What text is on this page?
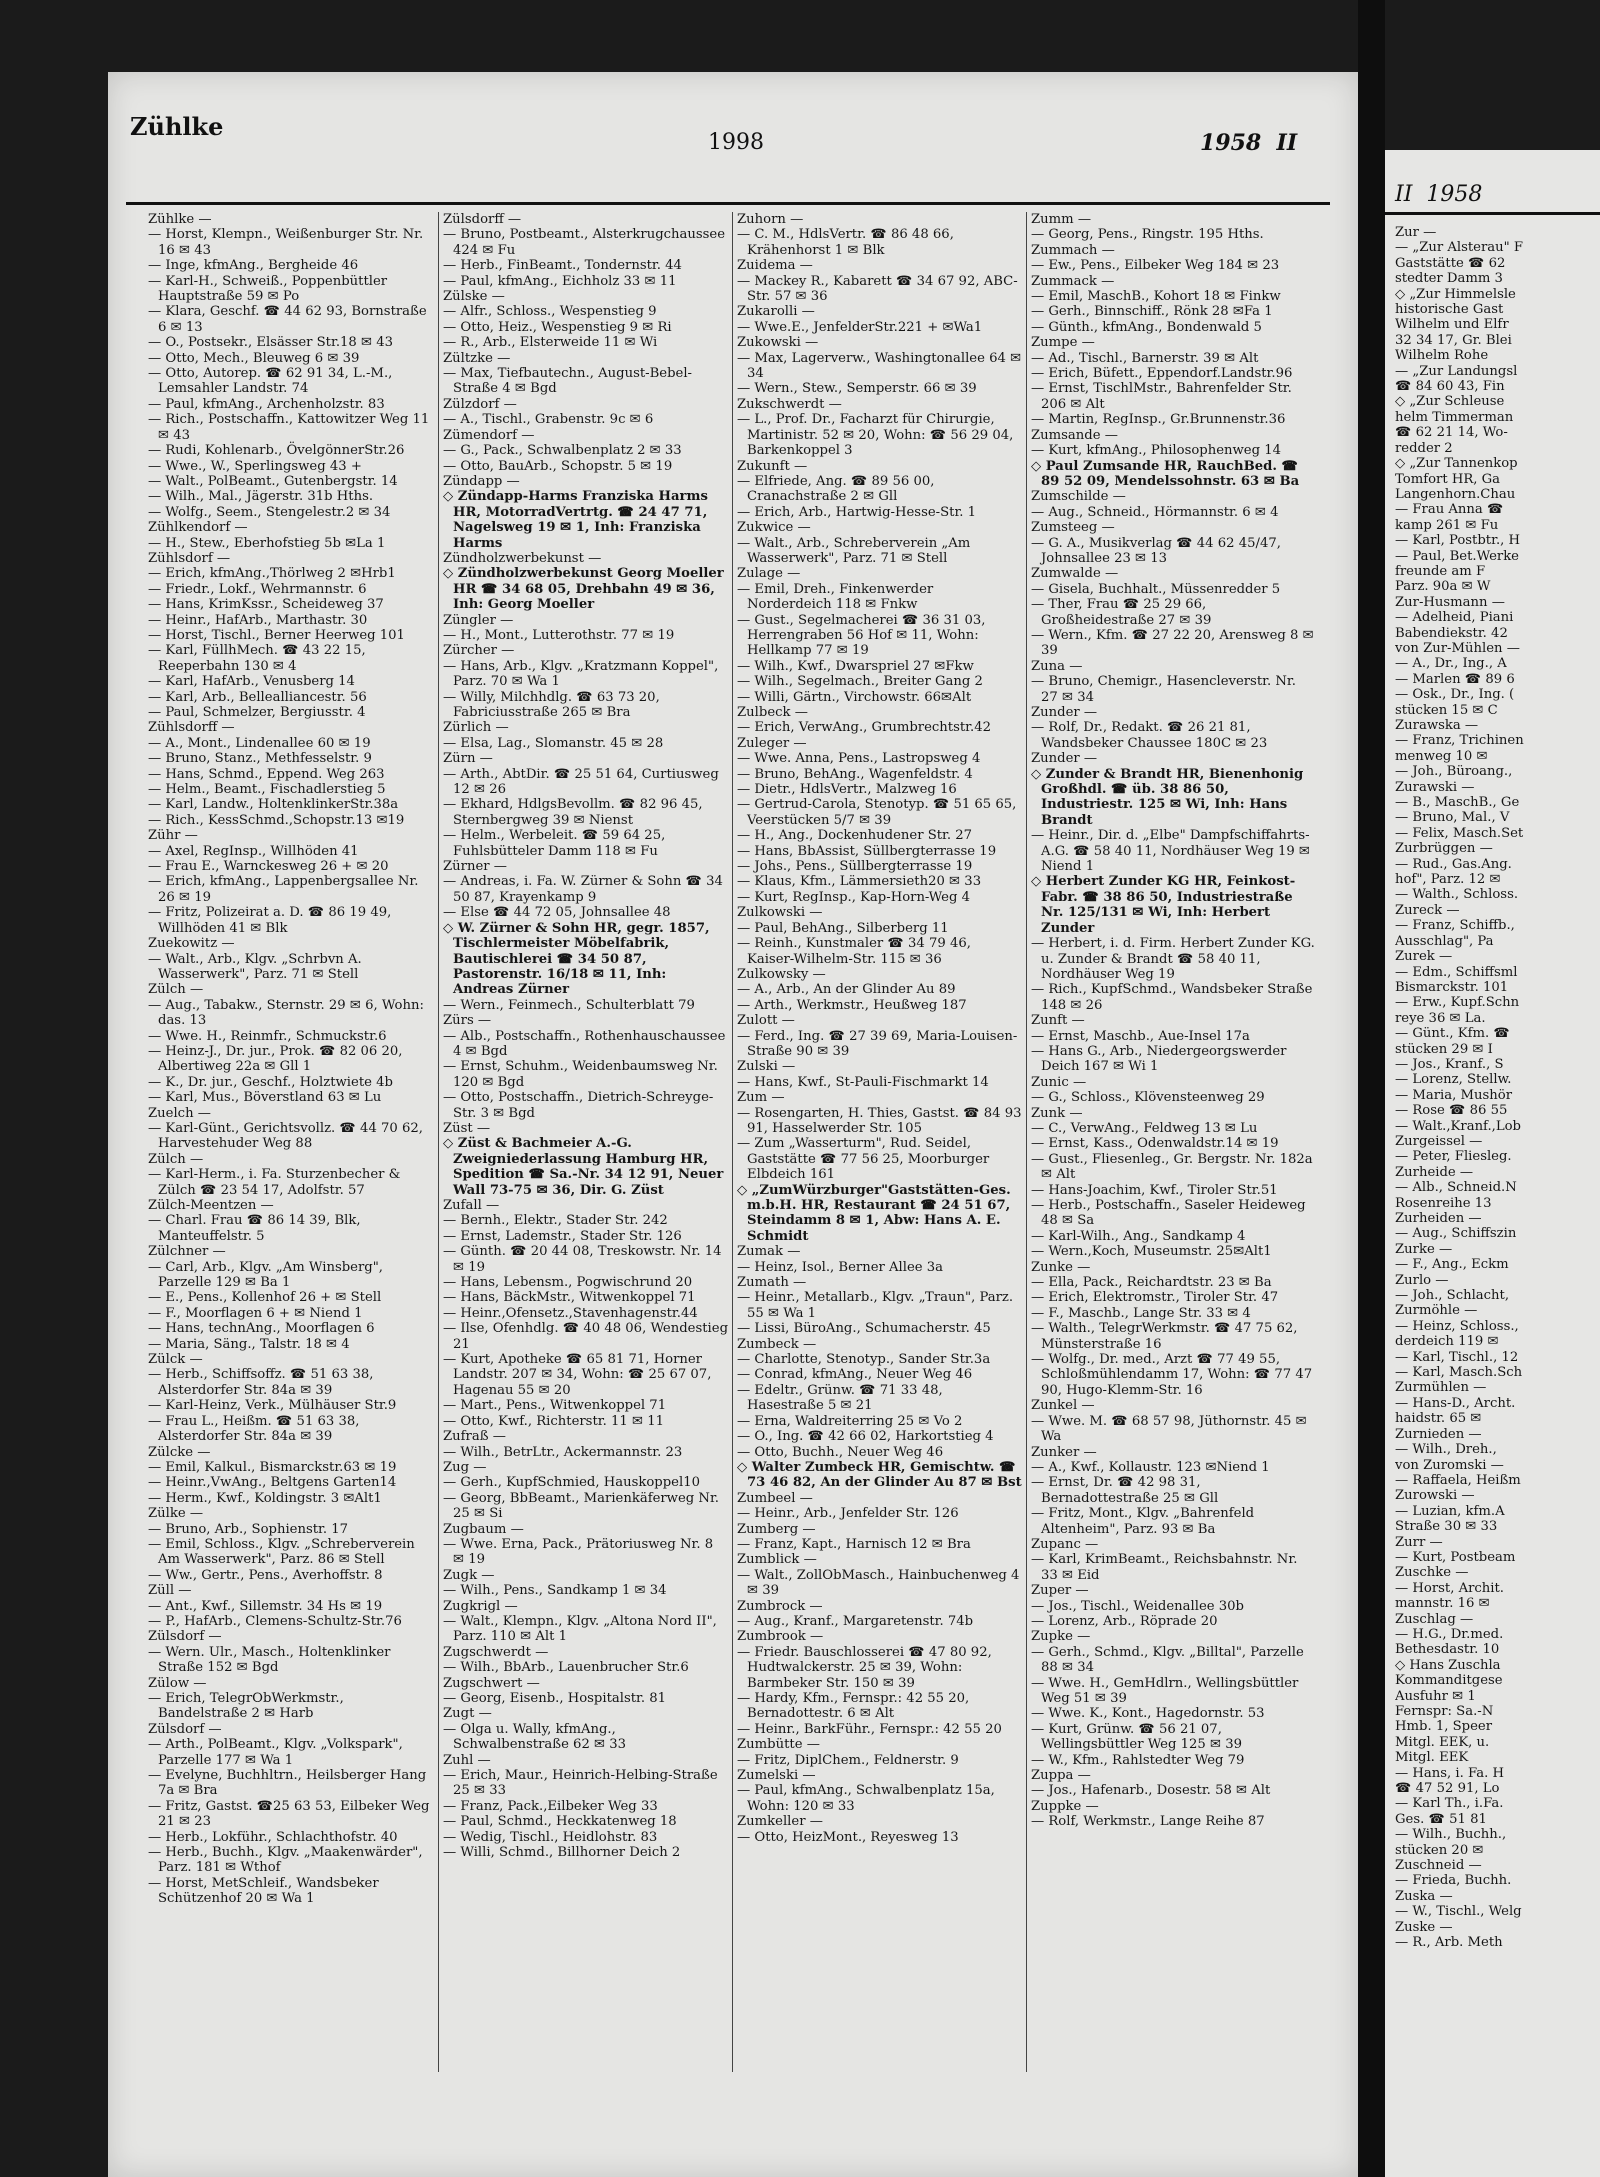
Zühlke
1998	1958  II

Zühlke —

— Horst, Klempn., Weißenburger Str. Nr. 16 ✉ 43

— Inge, kfmAng., Bergheide 46

— Karl-H., Schweiß., Poppenbüttler Hauptstraße 59 ✉ Po

— Klara, Geschf. ☎ 44 62 93, Bornstraße 6 ✉ 13

— O., Postsekr., Elsässer Str.18 ✉ 43

— Otto, Mech., Bleuweg 6 ✉ 39

— Otto, Autorep. ☎ 62 91 34, L.-M., Lemsahler Landstr. 74

— Paul, kfmAng., Archenholzstr. 83

— Rich., Postschaffn., Kattowitzer Weg 11 ✉ 43

— Rudi, Kohlenarb., ÖvelgönnerStr.26

— Wwe., W., Sperlingsweg 43 +

— Walt., PolBeamt., Gutenbergstr. 14

— Wilh., Mal., Jägerstr. 31b Hths.

— Wolfg., Seem., Stengelestr.2 ✉ 34

Zühlkendorf —

— H., Stew., Eberhofstieg 5b ✉La 1

Zühlsdorf —

— Erich, kfmAng.,Thörlweg 2 ✉Hrb1

— Friedr., Lokf., Wehrmannstr. 6

— Hans, KrimKssr., Scheideweg 37

— Heinr., HafArb., Marthastr. 30

— Horst, Tischl., Berner Heerweg 101

— Karl, FüllhMech. ☎ 43 22 15, Reeperbahn 130 ✉ 4

— Karl, HafArb., Venusberg 14

— Karl, Arb., Bellealliancestr. 56

— Paul, Schmelzer, Bergiusstr. 4

Zühlsdorff —

— A., Mont., Lindenallee 60 ✉ 19

— Bruno, Stanz., Methfesselstr. 9

— Hans, Schmd., Eppend. Weg 263

— Helm., Beamt., Fischadlerstieg 5

— Karl, Landw., HoltenklinkerStr.38a

— Rich., KessSchmd.,Schopstr.13 ✉19

Zühr —

— Axel, RegInsp., Willhöden 41

— Frau E., Warnckesweg 26 + ✉ 20

— Erich, kfmAng., Lappenbergsallee Nr. 26 ✉ 19

— Fritz, Polizeirat a. D. ☎ 86 19 49, Willhöden 41 ✉ Blk

Zuekowitz —

— Walt., Arb., Klgv. „Schrbvn A. Wasserwerk", Parz. 71 ✉ Stell

Zülch —

— Aug., Tabakw., Sternstr. 29 ✉ 6, Wohn: das. 13

— Wwe. H., Reinmfr., Schmuckstr.6

— Heinz-J., Dr. jur., Prok. ☎ 82 06 20, Albertiweg 22a ✉ Gll 1

— K., Dr. jur., Geschf., Holztwiete 4b

— Karl, Mus., Böverstland 63 ✉ Lu

Zuelch —

— Karl-Günt., Gerichtsvollz. ☎ 44 70 62, Harvestehuder Weg 88

Zülch —

— Karl-Herm., i. Fa. Sturzenbecher & Zülch ☎ 23 54 17, Adolfstr. 57

Zülch-Meentzen —

— Charl. Frau ☎ 86 14 39, Blk, Manteuffelstr. 5

Zülchner —

— Carl, Arb., Klgv. „Am Winsberg", Parzelle 129 ✉ Ba 1

— E., Pens., Kollenhof 26 + ✉ Stell

— F., Moorflagen 6 + ✉ Niend 1

— Hans, technAng., Moorflagen 6

— Maria, Säng., Talstr. 18 ✉ 4

Zülck —

— Herb., Schiffsoffz. ☎ 51 63 38, Alsterdorfer Str. 84a ✉ 39

— Karl-Heinz, Verk., Mülhäuser Str.9

— Frau L., Heißm. ☎ 51 63 38, Alsterdorfer Str. 84a ✉ 39

Zülcke —

— Emil, Kalkul., Bismarckstr.63 ✉ 19

— Heinr.,VwAng., Beltgens Garten14

— Herm., Kwf., Koldingstr. 3 ✉Alt1

Zülke —

— Bruno, Arb., Sophienstr. 17

— Emil, Schloss., Klgv. „Schreberverein Am Wasserwerk", Parz. 86 ✉ Stell

— Ww., Gertr., Pens., Averhoffstr. 8

Züll —

— Ant., Kwf., Sillemstr. 34 Hs ✉ 19

— P., HafArb., Clemens-Schultz-Str.76

Zülsdorf —

— Wern. Ulr., Masch., Holtenklinker Straße 152 ✉ Bgd

Zülow —

— Erich, TelegrObWerkmstr., Bandelstraße 2 ✉ Harb

Zülsdorf —

— Arth., PolBeamt., Klgv. „Volkspark", Parzelle 177 ✉ Wa 1

— Evelyne, Buchhltrn., Heilsberger Hang 7a ✉ Bra

— Fritz, Gastst. ☎25 63 53, Eilbeker Weg 21 ✉ 23

— Herb., Lokführ., Schlachthofstr. 40

— Herb., Buchh., Klgv. „Maakenwärder", Parz. 181 ✉ Wthof

— Horst, MetSchleif., Wandsbeker Schützenhof 20 ✉ Wa 1

Zülsdorff —

— Bruno, Postbeamt., Alsterkrugchaussee 424 ✉ Fu

— Herb., FinBeamt., Tondernstr. 44

— Paul, kfmAng., Eichholz 33 ✉ 11

Zülske —

— Alfr., Schloss., Wespenstieg 9

— Otto, Heiz., Wespenstieg 9 ✉ Ri

— R., Arb., Elsterweide 11 ✉ Wi

Zültzke —

— Max, Tiefbautechn., August-Bebel-Straße 4 ✉ Bgd

Zülzdorf —

— A., Tischl., Grabenstr. 9c ✉ 6

Zümendorf —

— G., Pack., Schwalbenplatz 2 ✉ 33

— Otto, BauArb., Schopstr. 5 ✉ 19

Zündapp —

◇ Zündapp-Harms Franziska Harms HR, MotorradVertrtg. ☎ 24 47 71, Nagelsweg 19 ✉ 1, Inh: Franziska Harms

Zündholzwerbekunst —

◇ Zündholzwerbekunst Georg Moeller HR ☎ 34 68 05, Drehbahn 49 ✉ 36, Inh: Georg Moeller

Züngler —

— H., Mont., Lutterothstr. 77 ✉ 19

Zürcher —

— Hans, Arb., Klgv. „Kratzmann Koppel", Parz. 70 ✉ Wa 1

— Willy, Milchhdlg. ☎ 63 73 20, Fabriciusstraße 265 ✉ Bra

Zürlich —

— Elsa, Lag., Slomanstr. 45 ✉ 28

Zürn —

— Arth., AbtDir. ☎ 25 51 64, Curtiusweg 12 ✉ 26

— Ekhard, HdlgsBevollm. ☎ 82 96 45, Sternbergweg 39 ✉ Nienst

— Helm., Werbeleit. ☎ 59 64 25, Fuhlsbütteler Damm 118 ✉ Fu

Zürner —

— Andreas, i. Fa. W. Zürner & Sohn ☎ 34 50 87, Krayenkamp 9

— Else ☎ 44 72 05, Johnsallee 48

◇ W. Zürner & Sohn HR, gegr. 1857, Tischlermeister Möbelfabrik, Bautischlerei ☎ 34 50 87, Pastorenstr. 16/18 ✉ 11, Inh: Andreas Zürner

— Wern., Feinmech., Schulterblatt 79

Zürs —

— Alb., Postschaffn., Rothenhauschaussee 4 ✉ Bgd

— Ernst, Schuhm., Weidenbaumsweg Nr. 120 ✉ Bgd

— Otto, Postschaffn., Dietrich-Schreyge-Str. 3 ✉ Bgd

Züst —

◇ Züst & Bachmeier A.-G. Zweigniederlassung Hamburg HR, Spedition ☎ Sa.-Nr. 34 12 91, Neuer Wall 73-75 ✉ 36, Dir. G. Züst

Zufall —

— Bernh., Elektr., Stader Str. 242

— Ernst, Lademstr., Stader Str. 126

— Günth. ☎ 20 44 08, Treskowstr. Nr. 14 ✉ 19

— Hans, Lebensm., Pogwischrund 20

— Hans, BäckMstr., Witwenkoppel 71

— Heinr.,Ofensetz.,Stavenhagenstr.44

— Ilse, Ofenhdlg. ☎ 40 48 06, Wendestieg 21

— Kurt, Apotheke ☎ 65 81 71, Horner Landstr. 207 ✉ 34, Wohn: ☎ 25 67 07, Hagenau 55 ✉ 20

— Mart., Pens., Witwenkoppel 71

— Otto, Kwf., Richterstr. 11 ✉ 11

Zufraß —

— Wilh., BetrLtr., Ackermannstr. 23

Zug —

— Gerh., KupfSchmied, Hauskoppel10

— Georg, BbBeamt., Marienkäferweg Nr. 25 ✉ Si

Zugbaum —

— Wwe. Erna, Pack., Prätoriusweg Nr. 8 ✉ 19

Zugk —

— Wilh., Pens., Sandkamp 1 ✉ 34

Zugkrigl —

— Walt., Klempn., Klgv. „Altona Nord II", Parz. 110 ✉ Alt 1

Zugschwerdt —

— Wilh., BbArb., Lauenbrucher Str.6

Zugschwert —

— Georg, Eisenb., Hospitalstr. 81

Zugt —

— Olga u. Wally, kfmAng., Schwalbenstraße 62 ✉ 33

Zuhl —

— Erich, Maur., Heinrich-Helbing-Straße 25 ✉ 33

— Franz, Pack.,Eilbeker Weg 33

— Paul, Schmd., Heckkatenweg 18

— Wedig, Tischl., Heidlohstr. 83

— Willi, Schmd., Billhorner Deich 2

Zuhorn —

— C. M., HdlsVertr. ☎ 86 48 66, Krähenhorst 1 ✉ Blk

Zuidema —

— Mackey R., Kabarett ☎ 34 67 92, ABC-Str. 57 ✉ 36

Zukarolli —

— Wwe.E., JenfelderStr.221 + ✉Wa1

Zukowski —

— Max, Lagerverw., Washingtonallee 64 ✉ 34

— Wern., Stew., Semperstr. 66 ✉ 39

Zukschwerdt —

— L., Prof. Dr., Facharzt für Chirurgie, Martinistr. 52 ✉ 20, Wohn: ☎ 56 29 04, Barkenkoppel 3

Zukunft —

— Elfriede, Ang. ☎ 89 56 00, Cranachstraße 2 ✉ Gll

— Erich, Arb., Hartwig-Hesse-Str. 1

Zukwice —

— Walt., Arb., Schreberverein „Am Wasserwerk", Parz. 71 ✉ Stell

Zulage —

— Emil, Dreh., Finkenwerder Norderdeich 118 ✉ Fnkw

— Gust., Segelmacherei ☎ 36 31 03, Herrengraben 56 Hof ✉ 11, Wohn: Hellkamp 77 ✉ 19

— Wilh., Kwf., Dwarspriel 27 ✉Fkw

— Wilh., Segelmach., Breiter Gang 2

— Willi, Gärtn., Virchowstr. 66✉Alt

Zulbeck —

— Erich, VerwAng., Grumbrechtstr.42

Zuleger —

— Wwe. Anna, Pens., Lastropsweg 4

— Bruno, BehAng., Wagenfeldstr. 4

— Dietr., HdlsVertr., Malzweg 16

— Gertrud-Carola, Stenotyp. ☎ 51 65 65, Veerstücken 5/7 ✉ 39

— H., Ang., Dockenhudener Str. 27

— Hans, BbAssist, Süllbergterrasse 19

— Johs., Pens., Süllbergterrasse 19

— Klaus, Kfm., Lämmersieth20 ✉ 33

— Kurt, RegInsp., Kap-Horn-Weg 4

Zulkowski —

— Paul, BehAng., Silberberg 11

— Reinh., Kunstmaler ☎ 34 79 46, Kaiser-Wilhelm-Str. 115 ✉ 36

Zulkowsky —

— A., Arb., An der Glinder Au 89

— Arth., Werkmstr., Heußweg 187

Zulott —

— Ferd., Ing. ☎ 27 39 69, Maria-Louisen-Straße 90 ✉ 39

Zulski —

— Hans, Kwf., St-Pauli-Fischmarkt 14

Zum —

— Rosengarten, H. Thies, Gastst. ☎ 84 93 91, Hasselwerder Str. 105

— Zum „Wasserturm", Rud. Seidel, Gaststätte ☎ 77 56 25, Moorburger Elbdeich 161

◇ „ZumWürzburger"Gaststätten-Ges. m.b.H. HR, Restaurant ☎ 24 51 67, Steindamm 8 ✉ 1, Abw: Hans A. E. Schmidt

Zumak —

— Heinz, Isol., Berner Allee 3a

Zumath —

— Heinr., Metallarb., Klgv. „Traun", Parz. 55 ✉ Wa 1

— Lissi, BüroAng., Schumacherstr. 45

Zumbeck —

— Charlotte, Stenotyp., Sander Str.3a

— Conrad, kfmAng., Neuer Weg 46

— Edeltr., Grünw. ☎ 71 33 48, Hasestraße 5 ✉ 21

— Erna, Waldreiterring 25 ✉ Vo 2

— O., Ing. ☎ 42 66 02, Harkortstieg 4

— Otto, Buchh., Neuer Weg 46

◇ Walter Zumbeck HR, Gemischtw. ☎ 73 46 82, An der Glinder Au 87 ✉ Bst

Zumbeel —

— Heinr., Arb., Jenfelder Str. 126

Zumberg —

— Franz, Kapt., Harnisch 12 ✉ Bra

Zumblick —

— Walt., ZollObMasch., Hainbuchenweg 4 ✉ 39

Zumbrock —

— Aug., Kranf., Margaretenstr. 74b

Zumbrook —

— Friedr. Bauschlosserei ☎ 47 80 92, Hudtwalckerstr. 25 ✉ 39, Wohn: Barmbeker Str. 150 ✉ 39

— Hardy, Kfm., Fernspr.: 42 55 20, Bernadottestr. 6 ✉ Alt

— Heinr., BarkFühr., Fernspr.: 42 55 20

Zumbütte —

— Fritz, DiplChem., Feldnerstr. 9

Zumelski —

— Paul, kfmAng., Schwalbenplatz 15a, Wohn: 120 ✉ 33

Zumkeller —

— Otto, HeizMont., Reyesweg 13

Zumm —

— Georg, Pens., Ringstr. 195 Hths.

Zummach —

— Ew., Pens., Eilbeker Weg 184 ✉ 23

Zummack —

— Emil, MaschB., Kohort 18 ✉ Finkw

— Gerh., Binnschiff., Rönk 28 ✉Fa 1

— Günth., kfmAng., Bondenwald 5

Zumpe —

— Ad., Tischl., Barnerstr. 39 ✉ Alt

— Erich, Büfett., Eppendorf.Landstr.96

— Ernst, TischlMstr., Bahrenfelder Str. 206 ✉ Alt

— Martin, RegInsp., Gr.Brunnenstr.36

Zumsande —

— Kurt, kfmAng., Philosophenweg 14

◇ Paul Zumsande HR, RauchBed. ☎ 89 52 09, Mendelssohnstr. 63 ✉ Ba

Zumschilde —

— Aug., Schneid., Hörmannstr. 6 ✉ 4

Zumsteeg —

— G. A., Musikverlag ☎ 44 62 45/47, Johnsallee 23 ✉ 13

Zumwalde —

— Gisela, Buchhalt., Müssenredder 5

— Ther, Frau ☎ 25 29 66, Großheidestraße 27 ✉ 39

— Wern., Kfm. ☎ 27 22 20, Arensweg 8 ✉ 39

Zuna —

— Bruno, Chemigr., Hasencleverstr. Nr. 27 ✉ 34

Zunder —

— Rolf, Dr., Redakt. ☎ 26 21 81, Wandsbeker Chaussee 180C ✉ 23

Zunder —

◇ Zunder & Brandt HR, Bienenhonig Großhdl. ☎ üb. 38 86 50, Industriestr. 125 ✉ Wi, Inh: Hans Brandt

— Heinr., Dir. d. „Elbe" Dampfschiffahrts-A.G. ☎ 58 40 11, Nordhäuser Weg 19 ✉ Niend 1

◇ Herbert Zunder KG HR, Feinkost-Fabr. ☎ 38 86 50, Industriestraße Nr. 125/131 ✉ Wi, Inh: Herbert Zunder

— Herbert, i. d. Firm. Herbert Zunder KG. u. Zunder & Brandt ☎ 58 40 11, Nordhäuser Weg 19

— Rich., KupfSchmd., Wandsbeker Straße 148 ✉ 26

Zunft —

— Ernst, Maschb., Aue-Insel 17a

— Hans G., Arb., Niedergeorgswerder Deich 167 ✉ Wi 1

Zunic —

— G., Schloss., Klövensteenweg 29

Zunk —

— C., VerwAng., Feldweg 13 ✉ Lu

— Ernst, Kass., Odenwaldstr.14 ✉ 19

— Gust., Fliesenleg., Gr. Bergstr. Nr. 182a ✉ Alt

— Hans-Joachim, Kwf., Tiroler Str.51

— Herb., Postschaffn., Saseler Heideweg 48 ✉ Sa

— Karl-Wilh., Ang., Sandkamp 4

— Wern.,Koch, Museumstr. 25✉Alt1

Zunke —

— Ella, Pack., Reichardtstr. 23 ✉ Ba

— Erich, Elektromstr., Tiroler Str. 47

— F., Maschb., Lange Str. 33 ✉ 4

— Walth., TelegrWerkmstr. ☎ 47 75 62, Münsterstraße 16

— Wolfg., Dr. med., Arzt ☎ 77 49 55, Schloßmühlendamm 17, Wohn: ☎ 77 47 90, Hugo-Klemm-Str. 16

Zunkel —

— Wwe. M. ☎ 68 57 98, Jüthornstr. 45 ✉ Wa

Zunker —

— A., Kwf., Kollaustr. 123 ✉Niend 1

— Ernst, Dr. ☎ 42 98 31, Bernadottestraße 25 ✉ Gll

— Fritz, Mont., Klgv. „Bahrenfeld Altenheim", Parz. 93 ✉ Ba

Zupanc —

— Karl, KrimBeamt., Reichsbahnstr. Nr. 33 ✉ Eid

Zuper —

— Jos., Tischl., Weidenallee 30b

— Lorenz, Arb., Röprade 20

Zupke —

— Gerh., Schmd., Klgv. „Billtal", Parzelle 88 ✉ 34

— Wwe. H., GemHdlrn., Wellingsbüttler Weg 51 ✉ 39

— Wwe. K., Kont., Hagedornstr. 53

— Kurt, Grünw. ☎ 56 21 07, Wellingsbüttler Weg 125 ✉ 39

— W., Kfm., Rahlstedter Weg 79

Zuppa —

— Jos., Hafenarb., Dosestr. 58 ✉ Alt

Zuppke —

— Rolf, Werkmstr., Lange Reihe 87

II  1958

Zur —

— „Zur Alsterau" F

Gaststätte ☎ 62

stedter Damm 3

◇ „Zur Himmelsle

historische Gast

Wilhelm und Elfr

32 34 17, Gr. Blei

Wilhelm Rohe

— „Zur Landungsl

☎ 84 60 43, Fin

◇ „Zur Schleuse

helm Timmerman

☎ 62 21 14, Wo-

redder 2

◇ „Zur Tannenkop

Tomfort HR, Ga

Langenhorn.Chau

— Frau Anna ☎

kamp 261 ✉ Fu

— Karl, Postbtr., H

— Paul, Bet.Werke

freunde am F

Parz. 90a ✉ W

Zur-Husmann —

— Adelheid, Piani

Babendiekstr. 42

von Zur-Mühlen —

— A., Dr., Ing., A

— Marlen ☎ 89 6

— Osk., Dr., Ing. (

stücken 15 ✉ C

Zurawska —

— Franz, Trichinen

menweg 10 ✉

— Joh., Büroang.,

Zurawski —

— B., MaschB., Ge

— Bruno, Mal., V

— Felix, Masch.Set

Zurbrüggen —

— Rud., Gas.Ang.

hof", Parz. 12 ✉

— Walth., Schloss.

Zureck —

— Franz, Schiffb.,

Ausschlag", Pa

Zurek —

— Edm., Schiffsml

Bismarckstr. 101

— Erw., Kupf.Schn

reye 36 ✉ La.

— Günt., Kfm. ☎

stücken 29 ✉ I

— Jos., Kranf., S

— Lorenz, Stellw.

— Maria, Mushör

— Rose ☎ 86 55

— Walt.,Kranf.,Lob

Zurgeissel —

— Peter, Fliesleg.

Zurheide —

— Alb., Schneid.N

Rosenreihe 13

Zurheiden —

— Aug., Schiffszin

Zurke —

— F., Ang., Eckm

Zurlo —

— Joh., Schlacht,

Zurmöhle —

— Heinz, Schloss.,

derdeich 119 ✉

— Karl, Tischl., 12

— Karl, Masch.Sch

Zurmühlen —

— Hans-D., Archt.

haidstr. 65 ✉

Zurnieden —

— Wilh., Dreh.,

von Zuromski —

— Raffaela, Heißm

Zurowski —

— Luzian, kfm.A

Straße 30 ✉ 33

Zurr —

— Kurt, Postbeam

Zuschke —

— Horst, Archit.

mannstr. 16 ✉

Zuschlag —

— H.G., Dr.med.

Bethesdastr. 10

◇ Hans Zuschla

Kommanditgese

Ausfuhr ✉ 1

Fernspr: Sa.-N

Hmb. 1, Speer

Mitgl. EEK, u.

Mitgl. EEK

— Hans, i. Fa. H

☎ 47 52 91, Lo

— Karl Th., i.Fa.

Ges. ☎ 51 81

— Wilh., Buchh.,

stücken 20 ✉

Zuschneid —

— Frieda, Buchh.

Zuska —

— W., Tischl., Welg

Zuske —

— R., Arb. Meth
